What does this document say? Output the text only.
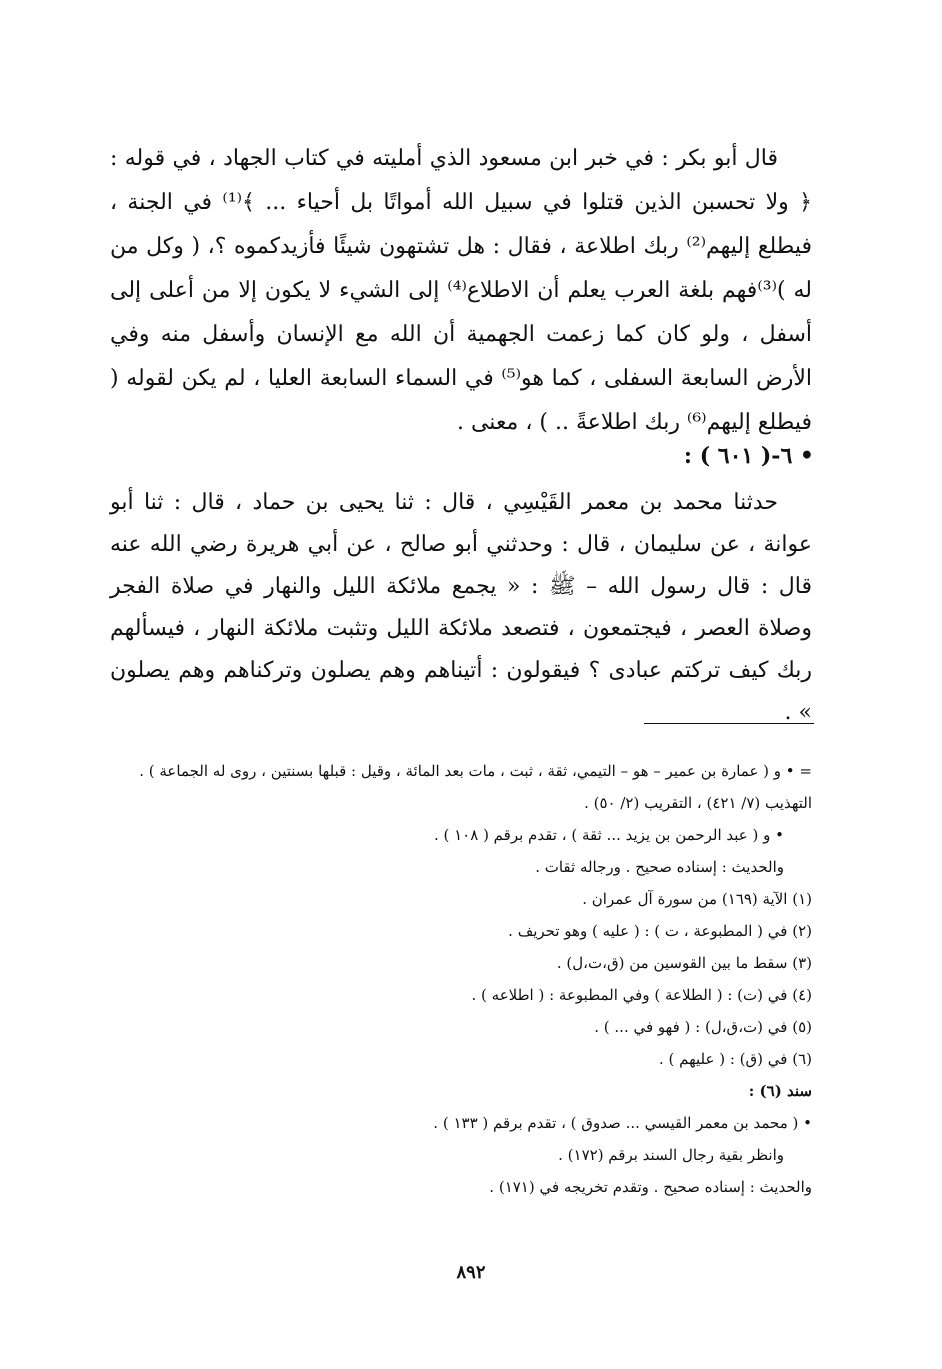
قال أبو بكر : في خبر ابن مسعود الذي أمليته في كتاب الجهاد ، في قوله : ﴿ ولا تحسبن الذين قتلوا في سبيل الله أمواتًا بل أحياء ... ﴾⁽¹⁾ في الجنة ، فيطلع إليهم⁽²⁾ ربك اطلاعة ، فقال : هل تشتهون شيئًا فأزيدكموه ؟، ( وكل من له )⁽³⁾فهم بلغة العرب يعلم أن الاطلاع⁽⁴⁾ إلى الشيء لا يكون إلا من أعلى إلى أسفل ، ولو كان كما زعمت الجهمية أن الله مع الإنسان وأسفل منه وفي الأرض السابعة السفلى ، كما هو⁽⁵⁾ في السماء السابعة العليا ، لم يكن لقوله ( فيطلع إليهم⁽⁶⁾ ربك اطلاعةً .. ) ، معنى .

• ٦-( ٦٠١ ) :

حدثنا محمد بن معمر القَيْسِي ، قال : ثنا يحيى بن حماد ، قال : ثنا أبو عوانة ، عن سليمان ، قال : وحدثني أبو صالح ، عن أبي هريرة رضي الله عنه قال : قال رسول الله – ﷺ : « يجمع ملائكة الليل والنهار في صلاة الفجر وصلاة العصر ، فيجتمعون ، فتصعد ملائكة الليل وتثبت ملائكة النهار ، فيسألهم ربك كيف تركتم عبادى ؟ فيقولون : أتيناهم وهم يصلون وتركناهم وهم يصلون » .

= • و ( عمارة بن عمير – هو – التيمي، ثقة ، ثبت ، مات بعد المائة ، وقيل : قبلها بسنتين ، روى له الجماعة ) . التهذيب (٧/ ٤٢١) ، التقريب (٢/ ٥٠) .

• و ( عبد الرحمن بن يزيد ... ثقة ) ، تقدم برقم ( ١٠٨ ) .

والحديث : إسناده صحيح . ورجاله ثقات .

(١) الآية (١٦٩) من سورة آل عمران .

(٢) في ( المطبوعة ، ت ) : ( عليه ) وهو تحريف .

(٣) سقط ما بين القوسين من (ق،ت،ل) .

(٤) في (ت) : ( الطلاعة ) وفي المطبوعة : ( اطلاعه ) .

(٥) في (ت،ق،ل) : ( فهو في ... ) .

(٦) في (ق) : ( عليهم ) .

سند (٦) :

• ( محمد بن معمر القيسي ... صدوق ) ، تقدم برقم ( ١٣٣ ) .

وانظر بقية رجال السند برقم (١٧٢) .

والحديث : إسناده صحيح . وتقدم تخريجه في (١٧١) .

٨٩٢
